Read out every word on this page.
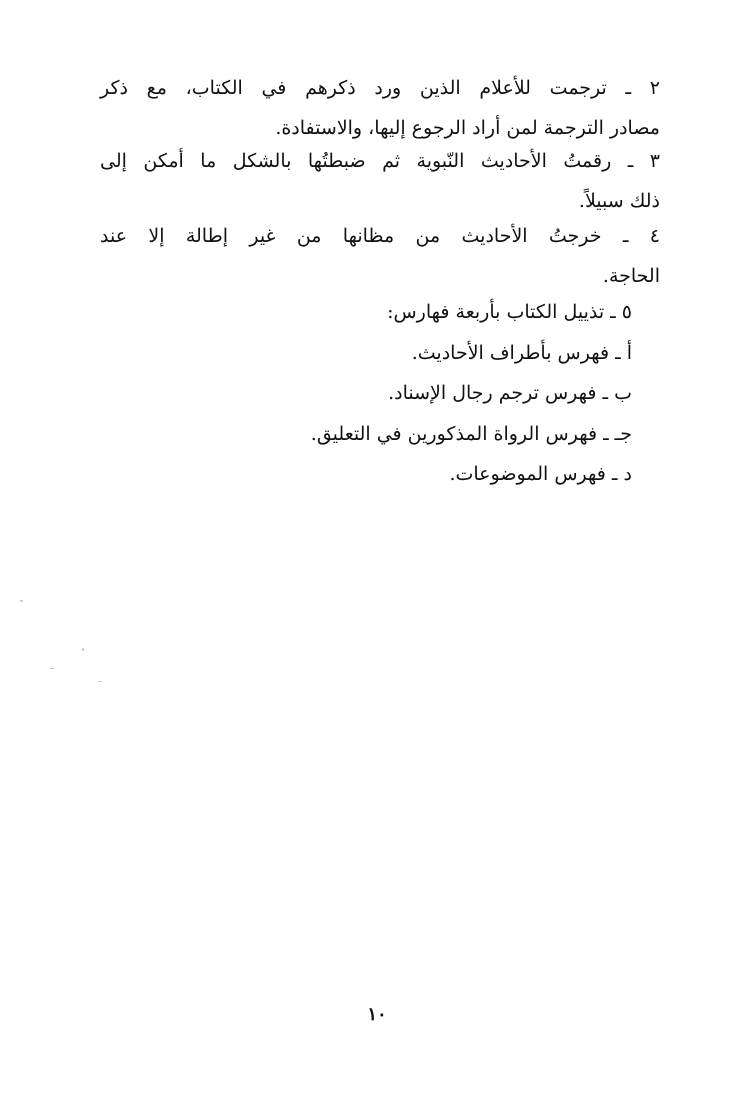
٢ ـ ترجمت للأعلام الذين ورد ذكرهم في الكتاب، مع ذكر
مصادر الترجمة لمن أراد الرجوع إليها، والاستفادة.
٣ ـ رقمتُ الأحاديث النّبوية ثم ضبطتُها بالشكل ما أمكن إلى
ذلك سبيلاً.
٤ ـ خرجتُ الأحاديث من مظانها من غير إطالة إلا عند
الحاجة.
٥ ـ تذييل الكتاب بأربعة فهارس:
أ ـ فهرس بأطراف الأحاديث.
ب ـ فهرس ترجم رجال الإسناد.
جـ ـ فهرس الرواة المذكورين في التعليق.
د ـ فهرس الموضوعات.
١٠
